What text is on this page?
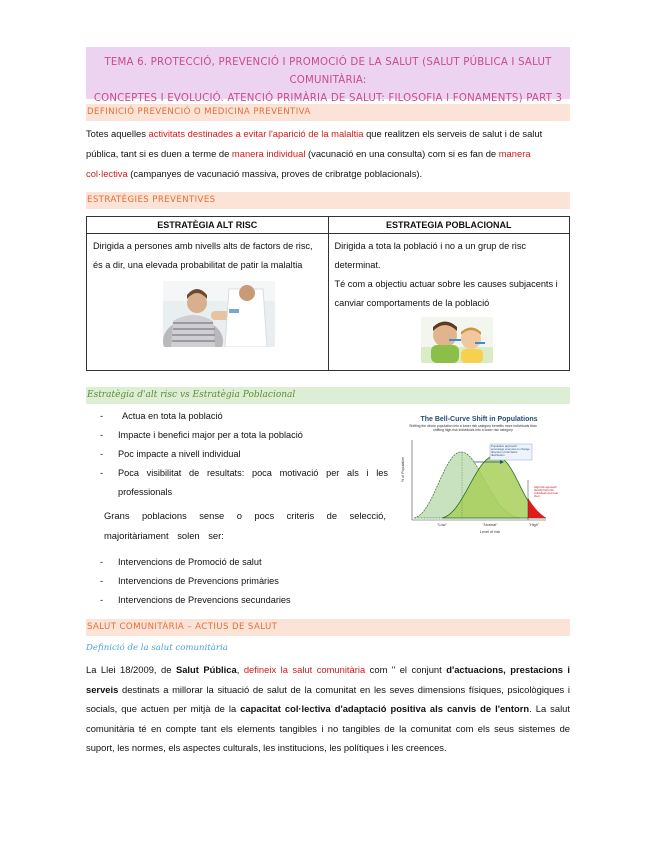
TEMA 6. PROTECCIÓ, PREVENCIÓ I PROMOCIÓ DE LA SALUT (SALUT PÚBLICA I SALUT COMUNITÀRIA:
CONCEPTES I EVOLUCIÓ. ATENCIÓ PRIMÀRIA DE SALUT: FILOSOFIA I FONAMENTS) PART 3
DEFINICIÓ PREVENCIÓ O MEDICINA PREVENTIVA
Totes aquelles activitats destinades a evitar l'aparició de la malaltia que realitzen els serveis de salut i de salut pública, tant si es duen a terme de manera individual (vacunació en una consulta) com si es fan de manera col·lectiva (campanyes de vacunació massiva, proves de cribratge poblacionals).
ESTRATÈGIES PREVENTIVES
ESTRATÈGIA ALT RISC	ESTRATEGIA POBLACIONAL

Dirigida a persones amb nivells alts de factors de risc, és a dir, una elevada probabilitat de patir la malaltia	Dirigida a tota la població i no a un grup de risc determinat.
Té com a objectiu actuar sobre les causes subjacents i canviar comportaments de la població
Estratègia d'alt risc vs Estratègia Poblacional
- Actua en tota la població
- Impacte i benefici major per a tota la població
- Poc impacte a nivell individual
- Poca visibilitat de resultats: poca motivació per als i les professionals
Grans poblacions sense o pocs criteris de selecció, majoritàriament solen ser:
- Intervencions de Promoció de salut
- Intervencions de Prevencions primàries
- Intervencions de Prevencions secundaries
The Bell-Curve Shift in Populations
Shifting the whole population into a lower risk category benefits more individuals than shifting high-risk individuals into a lower risk category
Population approach: encourage everyone to change direction of risk factor distribution
High-risk approach: Identify high-risk individuals and treat them
% of Population
"Low"	"Normal"	"High"
Level of risk
SALUT COMUNITÀRIA – ACTIUS DE SALUT
Definició de la salut comunitària
La Llei 18/2009, de Salut Pública, defineix la salut comunitària com " el conjunt d'actuacions, prestacions i serveis destinats a millorar la situació de salut de la comunitat en les seves dimensions físiques, psicològiques i socials, que actuen per mitjà de la capacitat col·lectiva d'adaptació positiva als canvis de l'entorn. La salut comunitària té en compte tant els elements tangibles i no tangibles de la comunitat com els seus sistemes de suport, les normes, els aspectes culturals, les institucions, les polítiques i les creences.
